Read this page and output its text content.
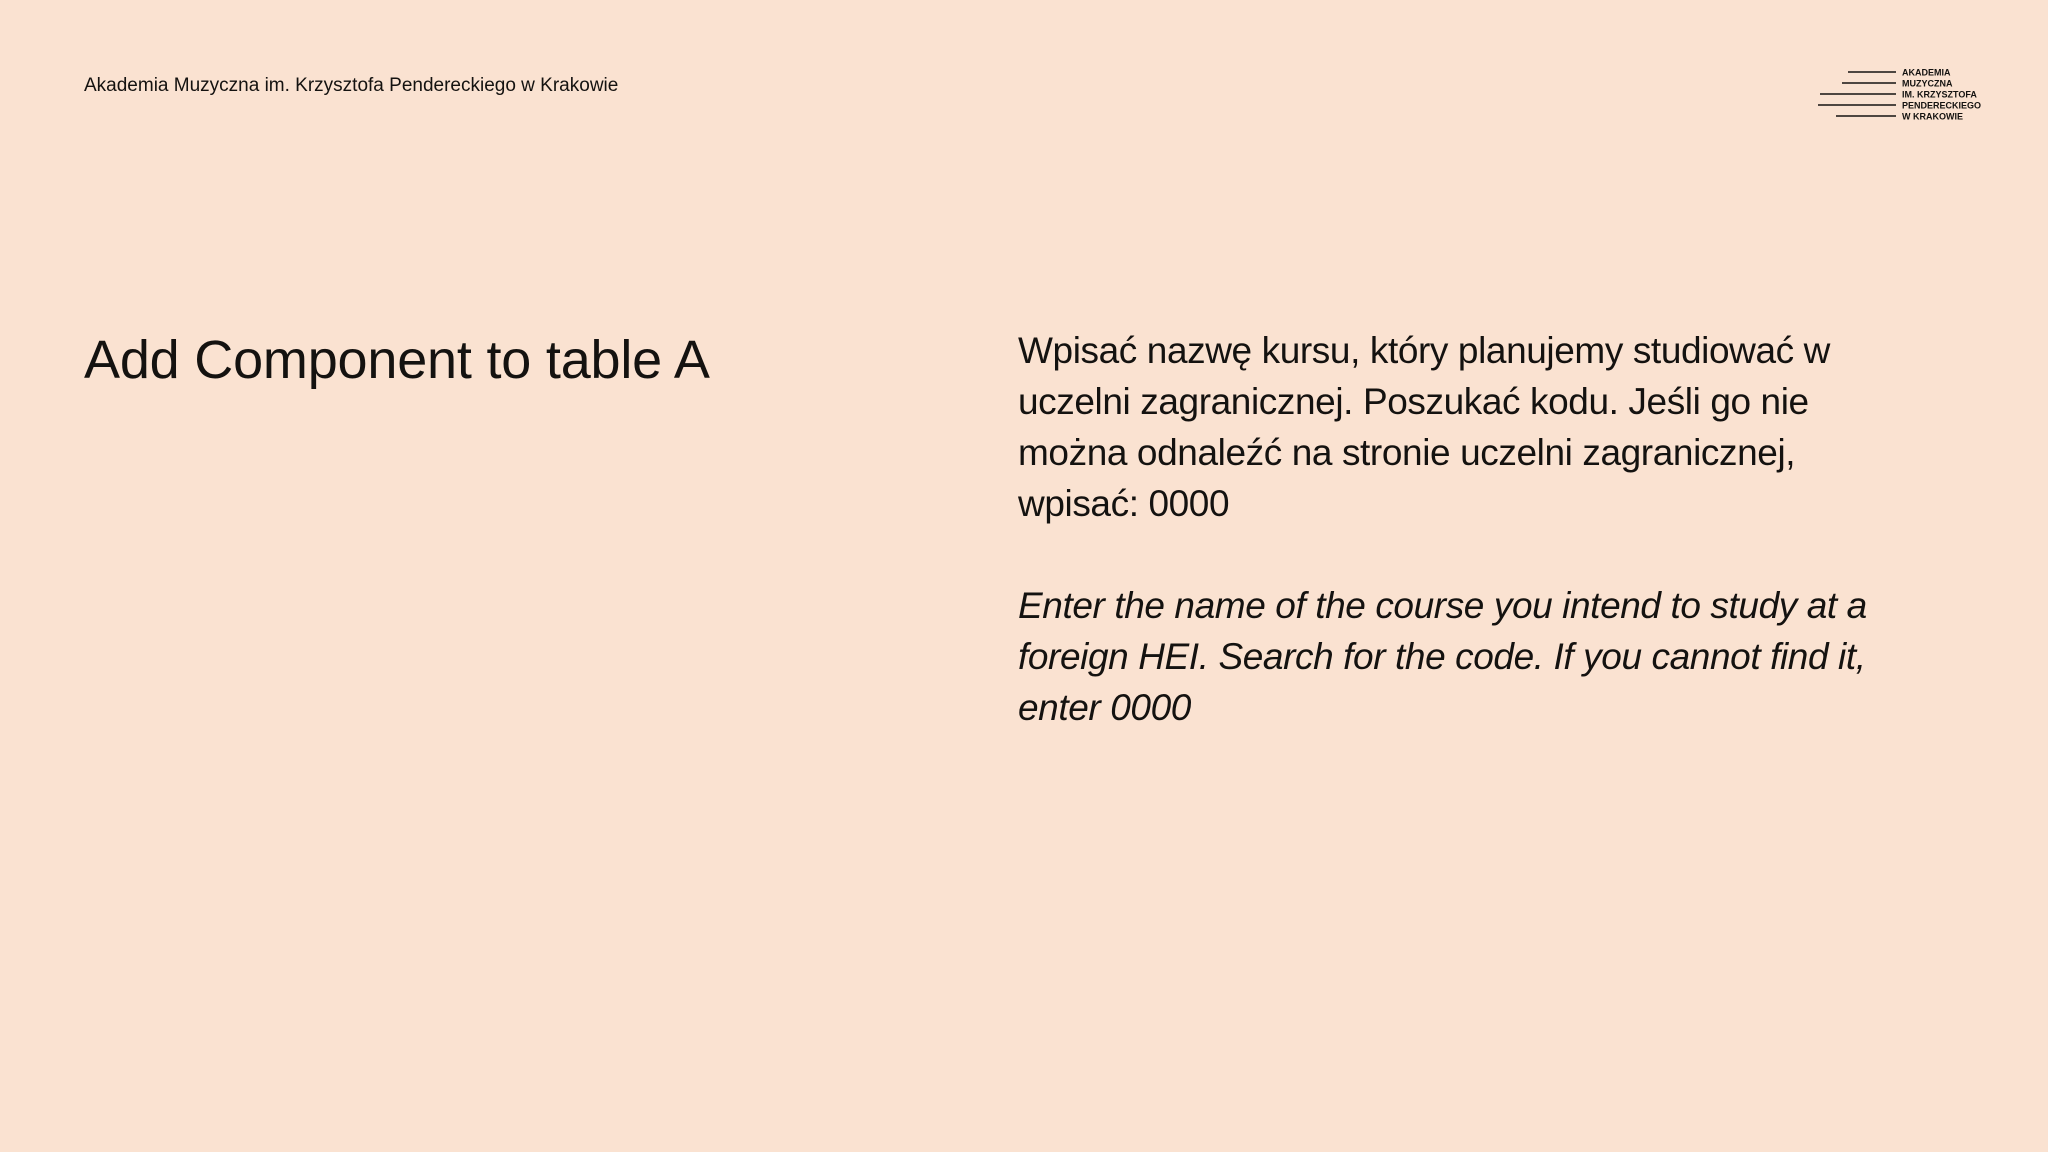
Akademia Muzyczna im. Krzysztofa Pendereckiego w Krakowie
AKADEMIA
MUZYCZNA
IM. KRZYSZTOFA
PENDERECKIEGO
W KRAKOWIE
Add Component to table A	Wpisać nazwę kursu, który planujemy studiować w uczelni zagranicznej. Poszukać kodu. Jeśli go nie można odnaleźć na stronie uczelni zagranicznej, wpisać: 0000

Enter the name of the course you intend to study at a foreign HEI. Search for the code. If you cannot find it, enter 0000
